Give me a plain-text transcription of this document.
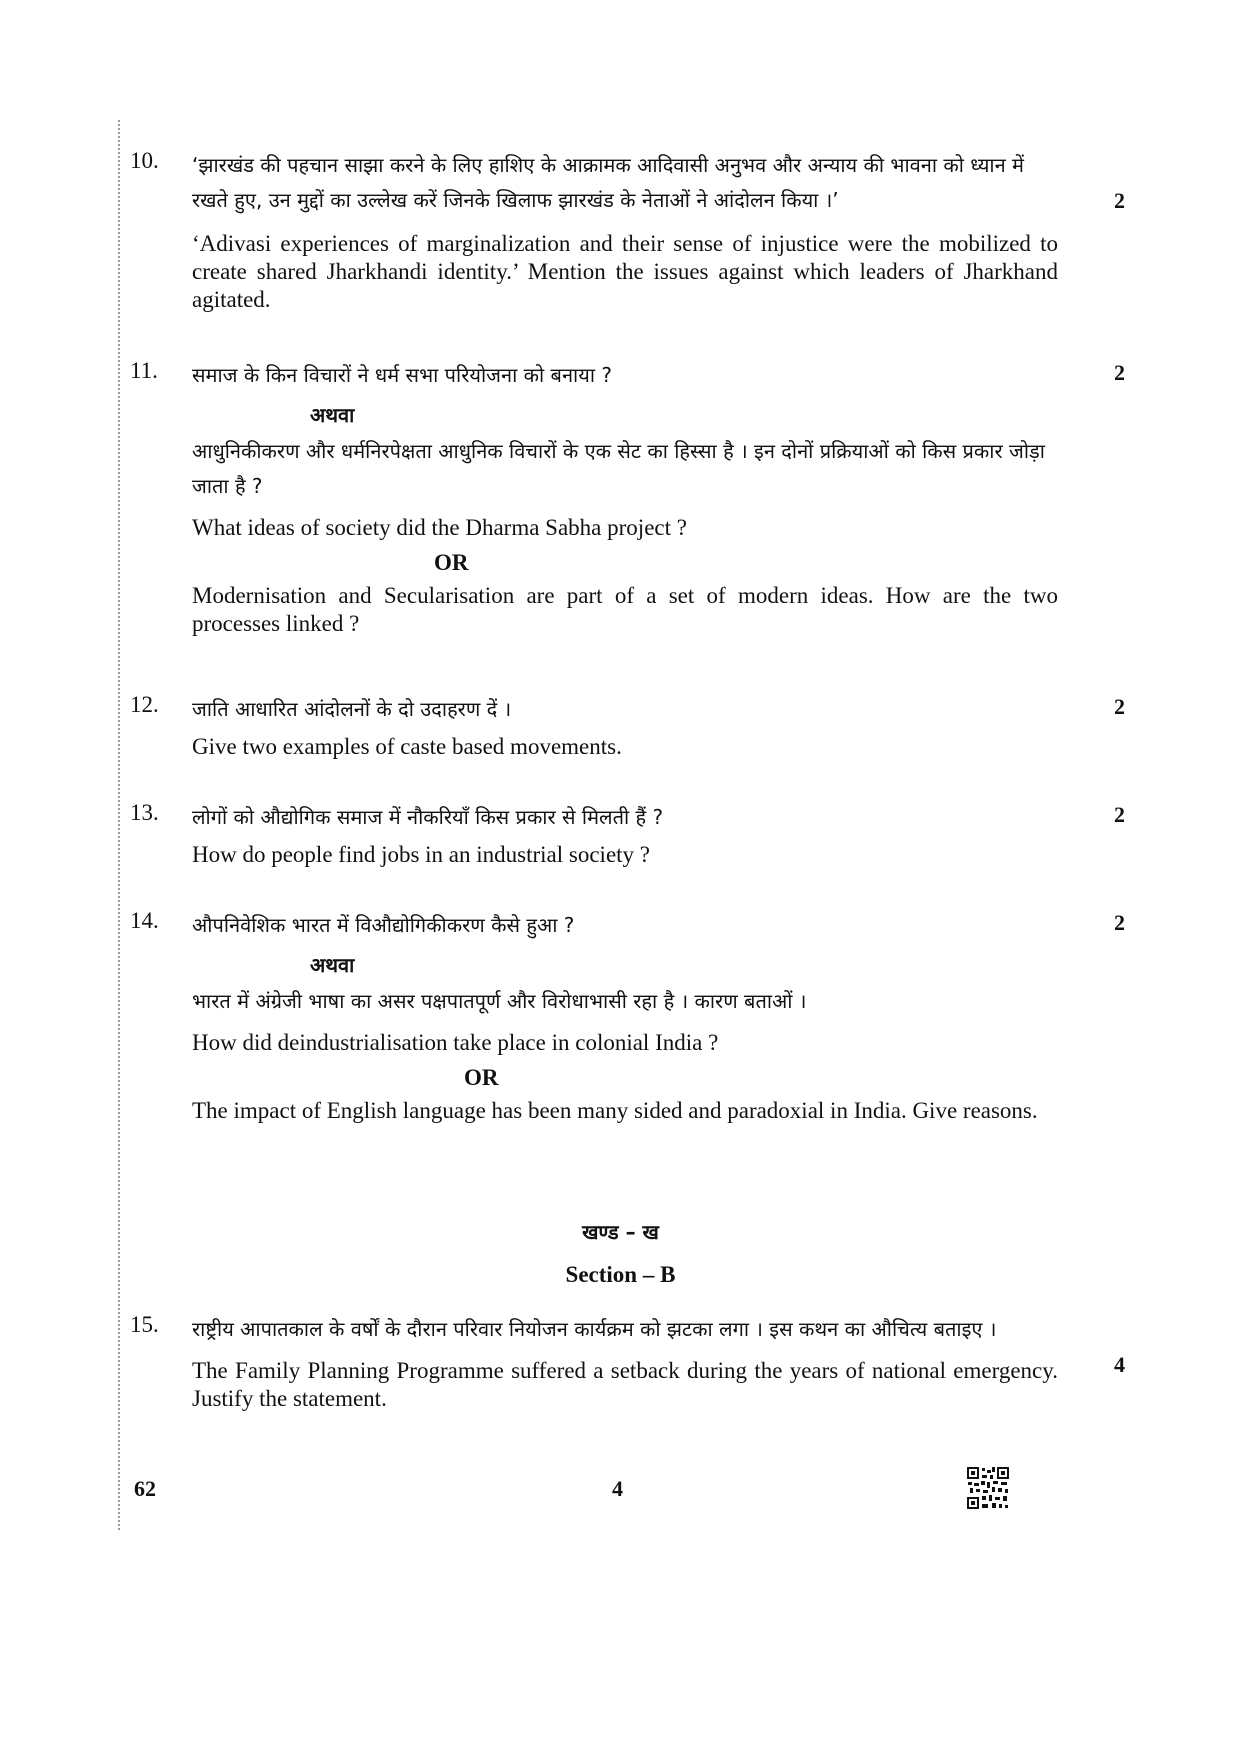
10.	‘झारखंड की पहचान साझा करने के लिए हाशिए के आक्रामक आदिवासी अनुभव और अन्याय की भावना को ध्यान में रखते हुए, उन मुद्दों का उल्लेख करें जिनके खिलाफ झारखंड के नेताओं ने आंदोलन किया ।’

‘Adivasi experiences of marginalization and their sense of injustice were the mobilized to create shared Jharkhandi identity.’ Mention the issues against which leaders of Jharkhand agitated.

2
11.	समाज के किन विचारों ने धर्म सभा परियोजना को बनाया ?

अथवा

आधुनिकीकरण और धर्मनिरपेक्षता आधुनिक विचारों के एक सेट का हिस्सा है । इन दोनों प्रक्रियाओं को किस प्रकार जोड़ा जाता है ?

What ideas of society did the Dharma Sabha project ?

OR

Modernisation and Secularisation are part of a set of modern ideas. How are the two processes linked ?

2
12.	जाति आधारित आंदोलनों के दो उदाहरण दें ।

Give two examples of caste based movements.

2
13.	लोगों को औद्योगिक समाज में नौकरियाँ किस प्रकार से मिलती हैं ?

How do people find jobs in an industrial society ?

2
14.	औपनिवेशिक भारत में विऔद्योगिकीकरण कैसे हुआ ?

अथवा

भारत में अंग्रेजी भाषा का असर पक्षपातपूर्ण और विरोधाभासी रहा है । कारण बताओं ।

How did deindustrialisation take place in colonial India ?

OR

The impact of English language has been many sided and paradoxial in India. Give reasons.

2
खण्ड – ख
Section – B
15.	राष्ट्रीय आपातकाल के वर्षों के दौरान परिवार नियोजन कार्यक्रम को झटका लगा । इस कथन का औचित्य बताइए ।

The Family Planning Programme suffered a setback during the years of national emergency. Justify the statement.

4
62	4
